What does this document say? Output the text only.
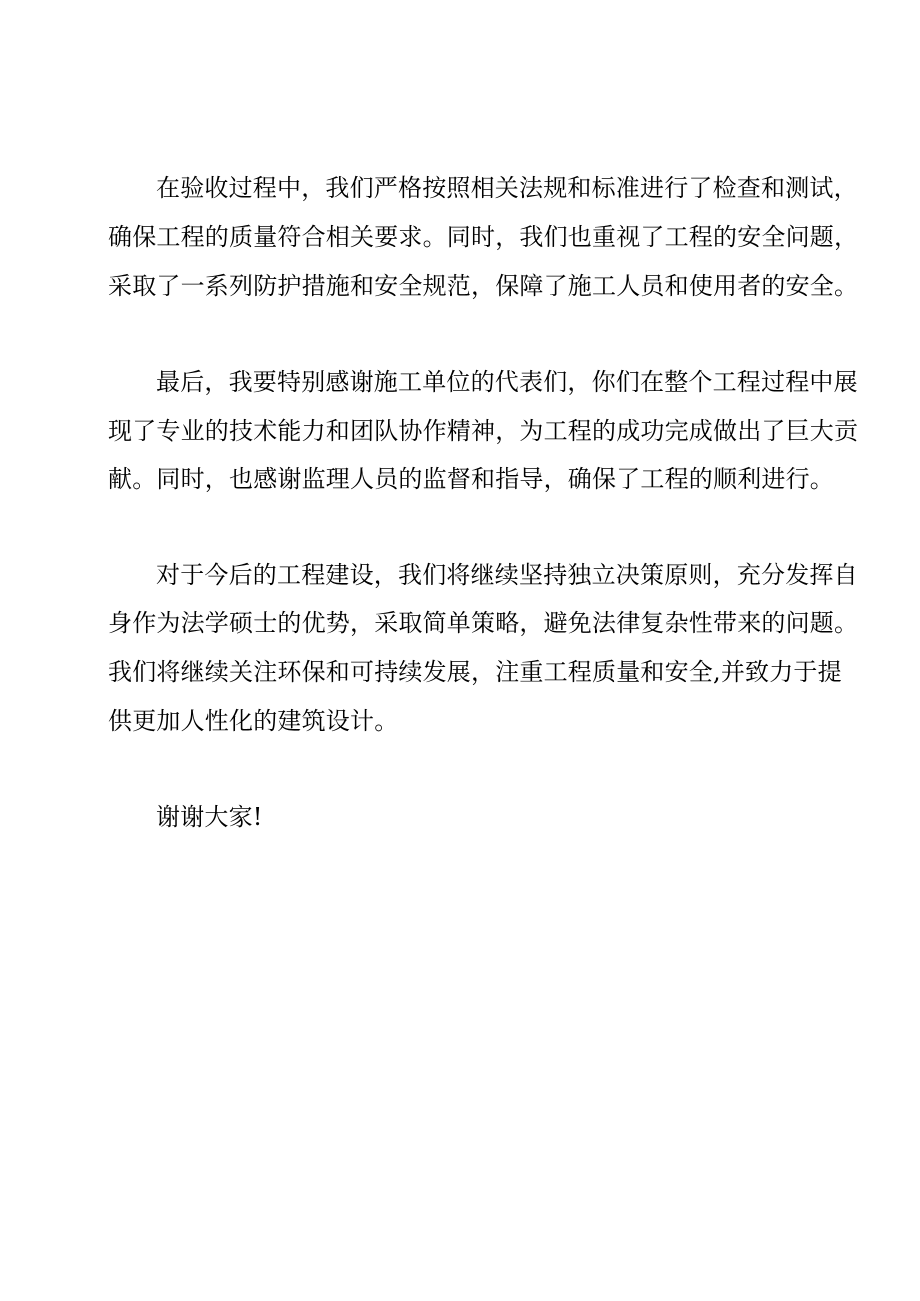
在验收过程中，我们严格按照相关法规和标准进行了检查和测试，
确保工程的质量符合相关要求。同时，我们也重视了工程的安全问题，
采取了一系列防护措施和安全规范，保障了施工人员和使用者的安全。
最后，我要特别感谢施工单位的代表们，你们在整个工程过程中展
现了专业的技术能力和团队协作精神，为工程的成功完成做出了巨大贡
献。同时，也感谢监理人员的监督和指导，确保了工程的顺利进行。
对于今后的工程建设，我们将继续坚持独立决策原则，充分发挥自
身作为法学硕士的优势，采取简单策略，避免法律复杂性带来的问题。
我们将继续关注环保和可持续发展，注重工程质量和安全,并致力于提
供更加人性化的建筑设计。
谢谢大家!
